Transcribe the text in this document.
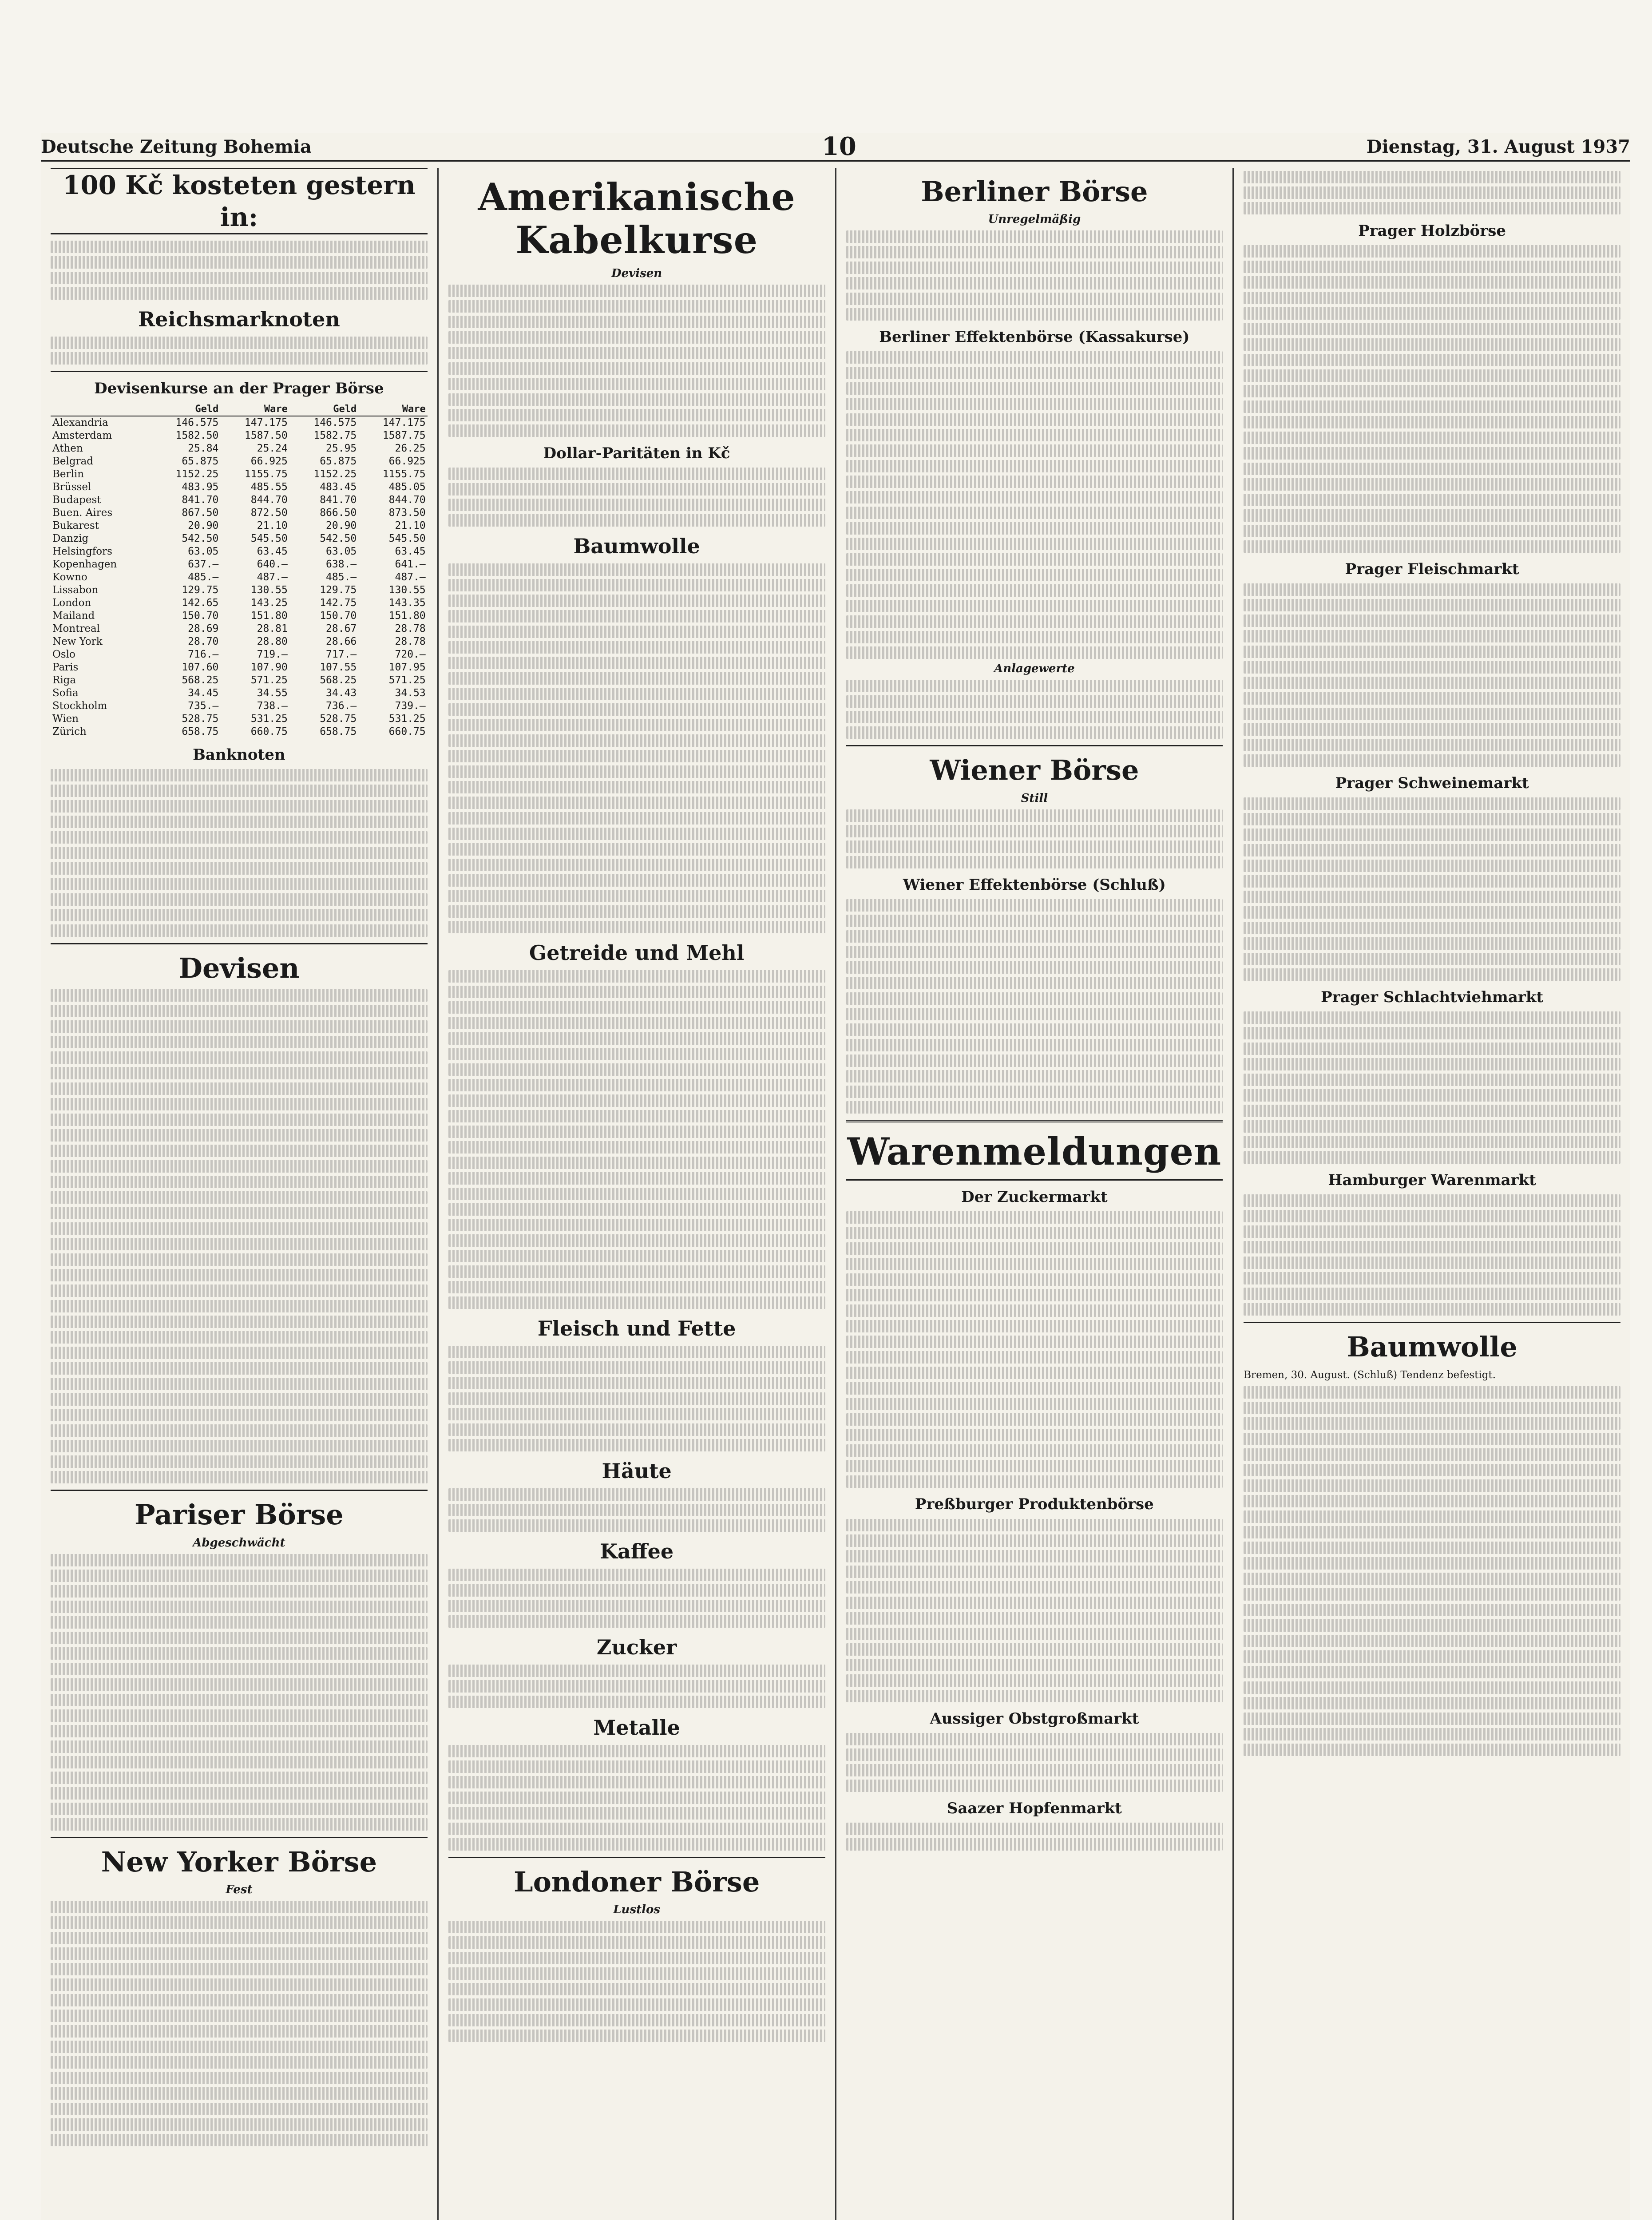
Deutsche Zeitung Bohemia	10	Dienstag, 31. August 1937
100 Kč kosteten gestern in:
Reichsmarknoten
Devisenkurse an der Prager Börse
	Geld	Ware	Geld	Ware
Alexandria	146.575	147.175	146.575	147.175
Amsterdam	1582.50	1587.50	1582.75	1587.75
Athen	25.84	25.24	25.95	26.25
Belgrad	65.875	66.925	65.875	66.925
Berlin	1152.25	1155.75	1152.25	1155.75
Brüssel	483.95	485.55	483.45	485.05
Budapest	841.70	844.70	841.70	844.70
Buen. Aires	867.50	872.50	866.50	873.50
Bukarest	20.90	21.10	20.90	21.10
Danzig	542.50	545.50	542.50	545.50
Helsingfors	63.05	63.45	63.05	63.45
Kopenhagen	637.—	640.—	638.—	641.—
Kowno	485.—	487.—	485.—	487.—
Lissabon	129.75	130.55	129.75	130.55
London	142.65	143.25	142.75	143.35
Mailand	150.70	151.80	150.70	151.80
Montreal	28.69	28.81	28.67	28.78
New York	28.70	28.80	28.66	28.78
Oslo	716.—	719.—	717.—	720.—
Paris	107.60	107.90	107.55	107.95
Riga	568.25	571.25	568.25	571.25
Sofia	34.45	34.55	34.43	34.53
Stockholm	735.—	738.—	736.—	739.—
Wien	528.75	531.25	528.75	531.25
Zürich	658.75	660.75	658.75	660.75
Banknoten
Devisen
Pariser Börse
Abgeschwächt
New Yorker Börse
Fest
Amerikanische Kabelkurse
Devisen
Dollar-Paritäten in Kč
Baumwolle
Getreide und Mehl
Fleisch und Fette
Häute
Kaffee
Zucker
Metalle
Londoner Börse
Lustlos
Berliner Börse
Unregelmäßig
Berliner Effektenbörse (Kassakurse)
Anlagewerte
Wiener Börse
Still
Wiener Effektenbörse (Schluß)
Warenmeldungen
Der Zuckermarkt
Preßburger Produktenbörse
Aussiger Obstgroßmarkt
Saazer Hopfenmarkt
Prager Holzbörse
Prager Fleischmarkt
Prager Schweinemarkt
Prager Schlachtviehmarkt
Hamburger Warenmarkt
Baumwolle

Bremen, 30. August. (Schluß) Tendenz befestigt.
